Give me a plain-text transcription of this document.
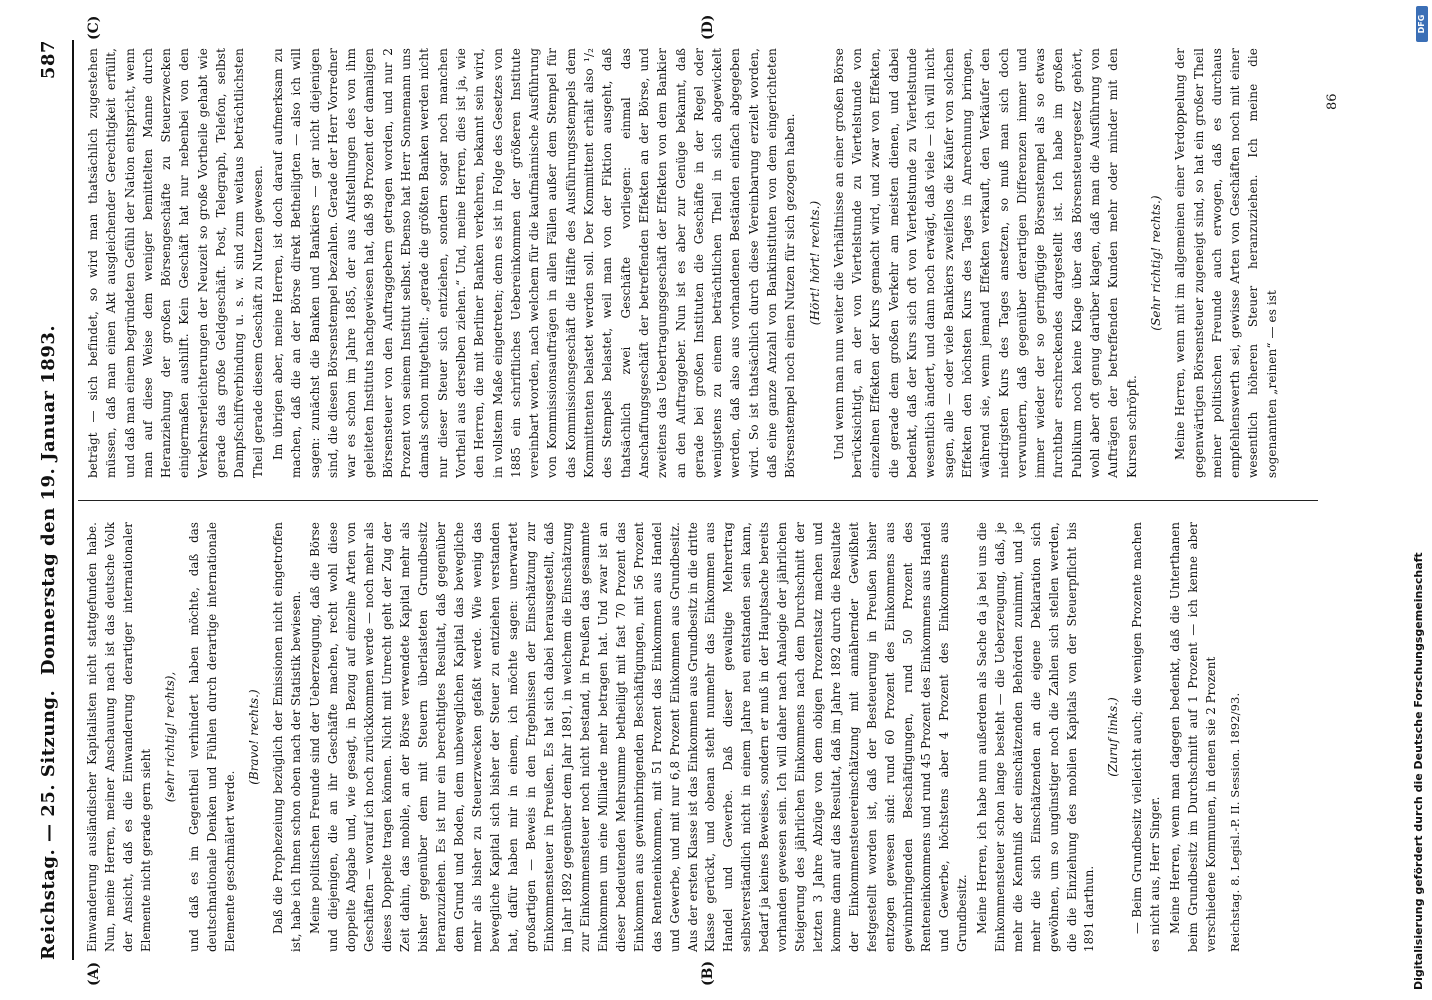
Reichstag. — 25. Sitzung.
Donnerstag den 19. Januar 1893.
587
(A)	(B)
(C)	(D)

Einwanderung ausländischer Kapitalisten nicht stattgefunden habe. Nun, meine Herren, meiner Anschauung nach ist das deutsche Volk der Ansicht, daß es die Einwanderung derartiger internationaler Elemente nicht gerade gern sieht

(sehr richtig! rechts), und daß es im Gegentheil verhindert haben möchte, daß das deutschnationale Denken und Fühlen durch derartige internationale Elemente geschmälert werde.

(Bravo! rechts.) Daß die Prophezeiung bezüglich der Emissionen nicht eingetroffen ist, habe ich Ihnen schon oben nach der Statistik bewiesen. Meine politischen Freunde sind der Ueberzeugung, daß die Börse und diejenigen, die an ihr Geschäfte machen, recht wohl diese doppelte Abgabe und, wie gesagt, in Bezug auf einzelne Arten von Geschäften — worauf ich noch zurückkommen werde — noch mehr als dieses Doppelte tragen können. Nicht mit Unrecht geht der Zug der Zeit dahin, das mobile, an der Börse verwendete Kapital mehr als bisher gegenüber dem mit Steuern überlasteten Grundbesitz heranzuziehen. Es ist nur ein berechtigtes Resultat, daß gegenüber dem Grund und Boden, dem unbeweglichen Kapital das bewegliche mehr als bisher zu Steuerzwecken gefaßt werde. Wie wenig das bewegliche Kapital sich bisher der Steuer zu entziehen verstanden hat, dafür haben mir in einem, ich möchte sagen: unerwartet großartigen — Beweis in den Ergebnissen der Einschätzung zur Einkommensteuer in Preußen. Es hat sich dabei herausgestellt, daß im Jahr 1892 gegenüber dem Jahr 1891, in welchem die Einschätzung zur Einkommensteuer noch nicht bestand, in Preußen das gesammte Einkommen um eine Milliarde mehr betragen hat. Und zwar ist an dieser bedeutenden Mehrsumme betheiligt mit fast 70 Prozent das Einkommen aus gewinnbringenden Beschäftigungen, mit 56 Prozent das Renteneinkommen, mit 51 Prozent das Einkommen aus Handel und Gewerbe, und mit nur 6,8 Prozent Einkommen aus Grundbesitz. Aus der ersten Klasse ist das Einkommen aus Grundbesitz in die dritte Klasse gerückt, und obenan steht nunmehr das Einkommen aus Handel und Gewerbe. Daß dieser gewaltige Mehrertrag selbstverständlich nicht in einem Jahre neu entstanden sein kann, bedarf ja keines Beweises, sondern er muß in der Hauptsache bereits vorhanden gewesen sein. Ich will daher nach Analogie der jährlichen Steigerung des jährlichen Einkommens nach dem Durchschnitt der letzten 3 Jahre Abzüge von dem obigen Prozentsatz machen und komme dann auf das Resultat, daß im Jahre 1892 durch die Resultate der Einkommensteuereinschätzung mit annähernder Gewißheit festgestellt worden ist, daß der Besteuerung in Preußen bisher entzogen gewesen sind: rund 60 Prozent des Einkommens aus gewinnbringenden Beschäftigungen, rund 50 Prozent des Renteneinkommens und rund 45 Prozent des Einkommens aus Handel und Gewerbe, höchstens aber 4 Prozent des Einkommens aus Grundbesitz. Meine Herren, ich habe nun außerdem als Sache da ja bei uns die Einkommensteuer schon lange besteht — die Ueberzeugung, daß, je mehr die Kenntniß der einschätzenden Behörden zunimmt, und je mehr die sich Einschätzenden an die eigene Deklaration sich gewöhnen, um so ungünstiger noch die Zahlen sich stellen werden, die die Einziehung des mobilen Kapitals von der Steuerpflicht bis 1891 darthun.

(Zuruf links.) — Beim Grundbesitz vielleicht auch; die wenigen Prozente machen es nicht aus, Herr Singer. Meine Herren, wenn man dagegen bedenkt, daß die Unterthanen beim Grundbesitz im Durchschnitt auf 1 Prozent — ich kenne aber verschiedene Kommunen, in denen sie 2 Prozent Reichstag. 8. Legisl.-P. II. Session. 1892/93.

beträgt — sich befindet, so wird man thatsächlich zugestehen müssen, daß man einen Akt ausgleichender Gerechtigkeit erfüllt, und daß man einem begründeten Gefühl der Nation entspricht, wenn man auf diese Weise dem weniger bemittelten Manne durch Heranziehung der großen Börsengeschäfte zu Steuerzwecken einigermaßen aushilft. Kein Geschäft hat nur nebenbei von den Verkehrserleichterungen der Neuzeit so große Vortheile gehabt wie gerade das große Geldgeschäft. Post, Telegraph, Telefon, selbst Dampfschiffverbindung u. s. w. sind zum weitaus beträchtlichsten Theil gerade diesem Geschäft zu Nutzen gewesen. Im übrigen aber, meine Herren, ist doch darauf aufmerksam zu machen, daß die an der Börse direkt Betheiligten — also ich will sagen: zunächst die Banken und Bankiers — gar nicht diejenigen sind, die diesen Börsenstempel bezahlen. Gerade der Herr Vorredner war es schon im Jahre 1885, der aus Aufstellungen des von ihm geleiteten Instituts nachgewiesen hat, daß 98 Prozent der damaligen Börsensteuer von den Auftraggebern getragen worden, und nur 2 Prozent von seinem Institut selbst. Ebenso hat Herr Sonnemann uns damals schon mitgetheilt: „gerade die größten Banken werden nicht nur dieser Steuer sich entziehen, sondern sogar noch manchen Vortheil aus derselben ziehen.“ Und, meine Herren, dies ist ja, wie den Herren, die mit Berliner Banken verkehren, bekannt sein wird, in vollstem Maße eingetreten; denn es ist in Folge des Gesetzes von 1885 ein schriftliches Uebereinkommen der größeren Institute vereinbart worden, nach welchem für die kaufmännische Ausführung von Kommissionsaufträgen in allen Fällen außer dem Stempel für das Kommissionsgeschäft die Hälfte des Ausführungsstempels dem Kommittenten belastet werden soll. Der Kommittent erhält also ¹/₂ des Stempels belastet, weil man von der Fiktion ausgeht, daß thatsächlich zwei Geschäfte vorliegen: einmal das Anschaffungsgeschäft der betreffenden Effekten an der Börse, und zweitens das Uebertragungsgeschäft der Effekten von dem Bankier an den Auftraggeber. Nun ist es aber zur Genüge bekannt, daß gerade bei großen Instituten die Geschäfte in der Regel oder wenigstens zu einem beträchtlichen Theil in sich abgewickelt werden, daß also aus vorhandenen Beständen einfach abgegeben wird. So ist thatsächlich durch diese Vereinbarung erzielt worden, daß eine ganze Anzahl von Bankinstituten von dem eingerichteten Börsenstempel noch einen Nutzen für sich gezogen haben. (Hört! hört! rechts.) Und wenn man nun weiter die Verhältnisse an einer großen Börse berücksichtigt, an der von Viertelstunde zu Viertelstunde von einzelnen Effekten der Kurs gemacht wird, und zwar von Effekten, die gerade dem großen Verkehr am meisten dienen, und dabei bedenkt, daß der Kurs sich oft von Viertelstunde zu Viertelstunde wesentlich ändert, und dann noch erwägt, daß viele — ich will nicht sagen, alle — oder viele Bankiers zweifellos die Käufer von solchen Effekten den höchsten Kurs des Tages in Anrechnung bringen, während sie, wenn jemand Effekten verkauft, den Verkäufer den niedrigsten Kurs des Tages ansetzen, so muß man sich doch verwundern, daß gegenüber derartigen Differenzen immer und immer wieder der so geringfügige Börsenstempel als so etwas furchtbar erschreckendes dargestellt ist. Ich habe im großen Publikum noch keine Klage über das Börsensteuergesetz gehört, wohl aber oft genug darüber klagen, daß man die Ausführung von Aufträgen der betreffenden Kunden mehr oder minder mit den Kursen schröpft.

(Sehr richtig! rechts.) Meine Herren, wenn mit im allgemeinen einer Verdoppelung der gegenwärtigen Börsensteuer zugeneigt sind, so hat ein großer Theil meiner politischen Freunde auch erwogen, daß es durchaus empfehlenswerth sei, gewisse Arten von Geschäften noch mit einer wesentlich höheren Steuer heranzuziehen. Ich meine die sogenannten „reinen“ — es ist

86
Digitalisierung gefördert durch die Deutsche Forschungsgemeinschaft
DFG
